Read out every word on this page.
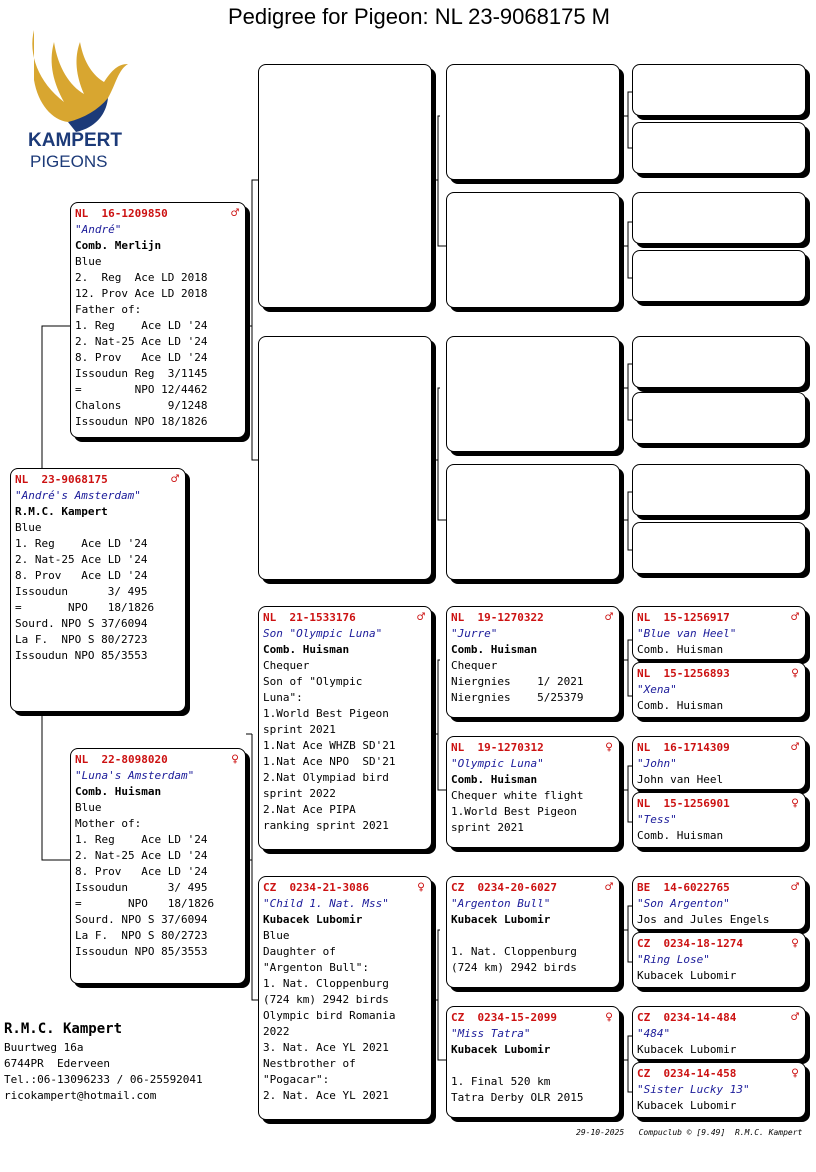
Pedigree for Pigeon: NL 23-9068175 M
KAMPERT
PIGEONS
NL  16-1209850	♂
"André"
Comb. Merlijn
Blue
2.  Reg  Ace LD 2018
12. Prov Ace LD 2018
Father of:
1. Reg    Ace LD '24
2. Nat-25 Ace LD '24
8. Prov   Ace LD '24
Issoudun Reg  3/1145
=        NPO 12/4462
Chalons       9/1248
Issoudun NPO 18/1826
NL  23-9068175	♂
"André's Amsterdam"
R.M.C. Kampert
Blue
1. Reg    Ace LD '24
2. Nat-25 Ace LD '24
8. Prov   Ace LD '24
Issoudun      3/ 495
=       NPO   18/1826
Sourd. NPO S 37/6094
La F.  NPO S 80/2723
Issoudun NPO 85/3553
NL  22-8098020	♀
"Luna's Amsterdam"
Comb. Huisman
Blue
Mother of:
1. Reg    Ace LD '24
2. Nat-25 Ace LD '24
8. Prov   Ace LD '24
Issoudun      3/ 495
=       NPO   18/1826
Sourd. NPO S 37/6094
La F.  NPO S 80/2723
Issoudun NPO 85/3553
NL  21-1533176	♂
Son "Olympic Luna"
Comb. Huisman
Chequer
Son of "Olympic
Luna":
1.World Best Pigeon
sprint 2021
1.Nat Ace WHZB SD'21
1.Nat Ace NPO  SD'21
2.Nat Olympiad bird
sprint 2022
2.Nat Ace PIPA
ranking sprint 2021
CZ  0234-21-3086	♀
"Child 1. Nat. Mss"
Kubacek Lubomir
Blue
Daughter of
"Argenton Bull":
1. Nat. Cloppenburg
(724 km) 2942 birds
Olympic bird Romania
2022
3. Nat. Ace YL 2021
Nestbrother of
"Pogacar":
2. Nat. Ace YL 2021
NL  19-1270322	♂
"Jurre"
Comb. Huisman
Chequer
Niergnies    1/ 2021
Niergnies    5/25379
NL  19-1270312	♀
"Olympic Luna"
Comb. Huisman
Chequer white flight
1.World Best Pigeon
sprint 2021
CZ  0234-20-6027	♂
"Argenton Bull"
Kubacek Lubomir
1. Nat. Cloppenburg
(724 km) 2942 birds
CZ  0234-15-2099	♀
"Miss Tatra"
Kubacek Lubomir
1. Final 520 km
Tatra Derby OLR 2015
NL  15-1256917	♂
"Blue van Heel"
Comb. Huisman
NL  15-1256893	♀
"Xena"
Comb. Huisman
NL  16-1714309	♂
"John"
John van Heel
NL  15-1256901	♀
"Tess"
Comb. Huisman
BE  14-6022765	♂
"Son Argenton"
Jos and Jules Engels
CZ  0234-18-1274	♀
"Ring Lose"
Kubacek Lubomir
CZ  0234-14-484	♂
"484"
Kubacek Lubomir
CZ  0234-14-458	♀
"Sister Lucky 13"
Kubacek Lubomir
R.M.C. Kampert
Buurtweg 16a
6744PR  Ederveen
Tel.:06-13096233 / 06-25592041
ricokampert@hotmail.com
29-10-2025   Compuclub © [9.49]  R.M.C. Kampert
